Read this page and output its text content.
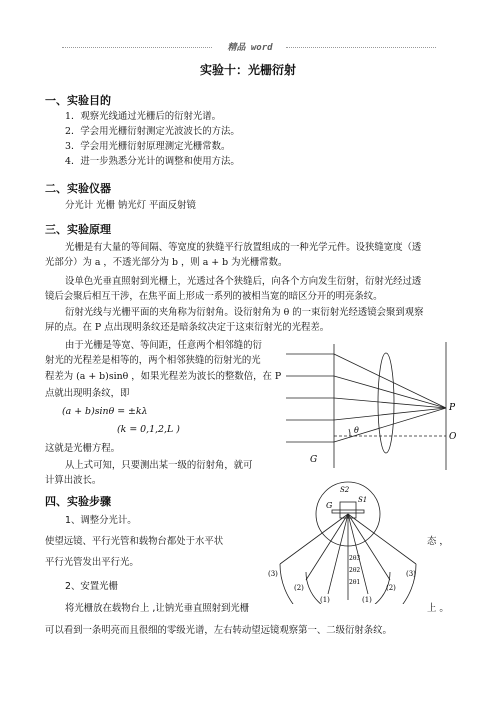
精品 word
实验十：光栅衍射
一、实验目的
1．观察光线通过光栅后的衍射光谱。
2．学会用光栅衍射测定光波波长的方法。
3．学会用光栅衍射原理测定光栅常数。
4．进一步熟悉分光计的调整和使用方法。
二、实验仪器
分光计 光栅 钠光灯 平面反射镜
三、实验原理
光栅是有大量的等间隔、等宽度的狭缝平行放置组成的一种光学元件。设狭缝宽度（透
光部分）为 a ，不透光部分为 b ，则 a + b 为光栅常数。
设单色光垂直照射到光栅上，光透过各个狭缝后，向各个方向发生衍射，衍射光经过透
镜后会聚后相互干涉，在焦平面上形成一系列的被相当宽的暗区分开的明亮条纹。
衍射光线与光栅平面的夹角称为衍射角。设衍射角为 θ 的一束衍射光经透镜会聚到观察
屏的点。在 P 点出现明条纹还是暗条纹决定于这束衍射光的光程差。
由于光栅是等宽、等间距，任意两个相邻缝的衍
射光的光程差是相等的，两个相邻狭缝的衍射光的光
程差为 (a + b)sinθ ，如果光程差为波长的整数倍，在 P
点就出现明条纹，即
(a + b)sinθ = ±kλ
(k = 0,1,2,L )
这就是光栅方程。
从上式可知，只要测出某一级的衍射角，就可
计算出波长。
四、实验步骤
1、调整分光计。
使望远镜、平行光管和载物台都处于水平状	态 ，
平行光管发出平行光。
2、安置光栅
将光栅放在载物台上 ,让钠光垂直照射到光栅	上 。
可以看到一条明亮而且很细的零级光谱，左右转动望远镜观察第一、二级衍射条纹。
P
O
G
θ
S2
S1
G
2θ3
2θ2
2θ1
(3)
(2)
(1)	(1)
(2)
(3)
